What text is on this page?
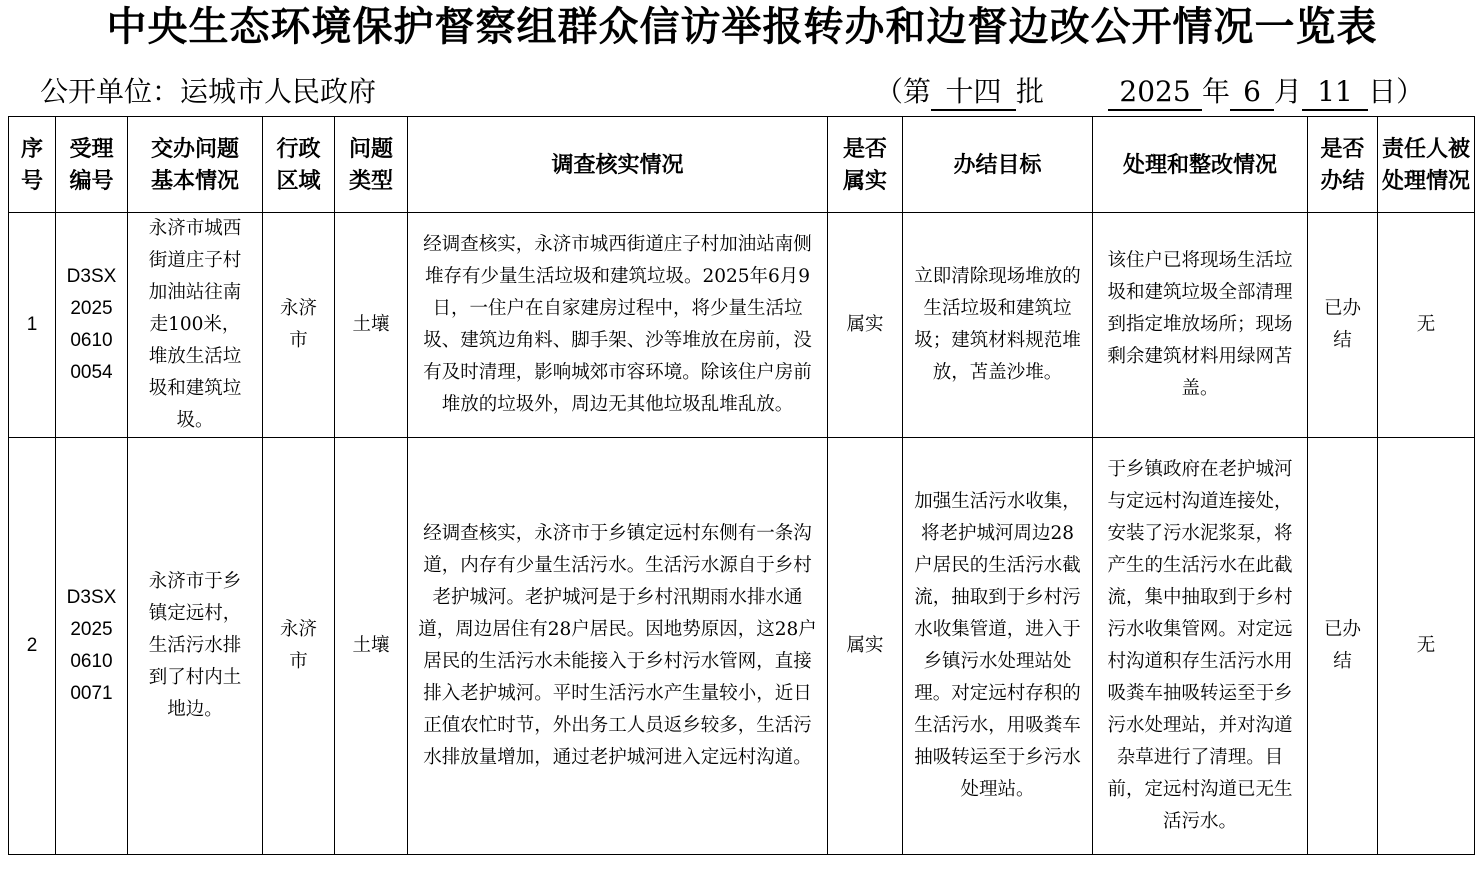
中央生态环境保护督察组群众信访举报转办和边督边改公开情况一览表
公开单位：运城市人民政府	（第 十四 批	2025 年 6 月 11 日）
序号	受理编号	交办问题基本情况	行政区域	问题类型	调查核实情况	是否属实	办结目标	处理和整改情况	是否办结	责任人被处理情况
1	D3SX20250610 0054	永济市城西街道庄子村加油站往南走100米，堆放生活垃圾和建筑垃圾。	永济市	土壤	经调查核实，永济市城西街道庄子村加油站南侧堆存有少量生活垃圾和建筑垃圾。2025年6月9日，一住户在自家建房过程中，将少量生活垃圾、建筑边角料、脚手架、沙等堆放在房前，没有及时清理，影响城郊市容环境。除该住户房前堆放的垃圾外，周边无其他垃圾乱堆乱放。	属实	立即清除现场堆放的生活垃圾和建筑垃圾；建筑材料规范堆放，苫盖沙堆。	该住户已将现场生活垃圾和建筑垃圾全部清理到指定堆放场所；现场剩余建筑材料用绿网苫盖。	已办结	无
2	D3SX20250610 0071	永济市于乡镇定远村，生活污水排到了村内土地边。	永济市	土壤	经调查核实，永济市于乡镇定远村东侧有一条沟道，内存有少量生活污水。生活污水源自于乡村老护城河。老护城河是于乡村汛期雨水排水通道，周边居住有28户居民。因地势原因，这28户居民的生活污水未能接入于乡村污水管网，直接排入老护城河。平时生活污水产生量较小，近日正值农忙时节，外出务工人员返乡较多，生活污水排放量增加，通过老护城河进入定远村沟道。	属实	加强生活污水收集，将老护城河周边28户居民的生活污水截流，抽取到于乡村污水收集管道，进入于乡镇污水处理站处理。对定远村存积的生活污水，用吸粪车抽吸转运至于乡污水处理站。	于乡镇政府在老护城河与定远村沟道连接处，安装了污水泥浆泵，将产生的生活污水在此截流，集中抽取到于乡村污水收集管网。对定远村沟道积存生活污水用吸粪车抽吸转运至于乡污水处理站，并对沟道杂草进行了清理。目前，定远村沟道已无生活污水。	已办结	无
